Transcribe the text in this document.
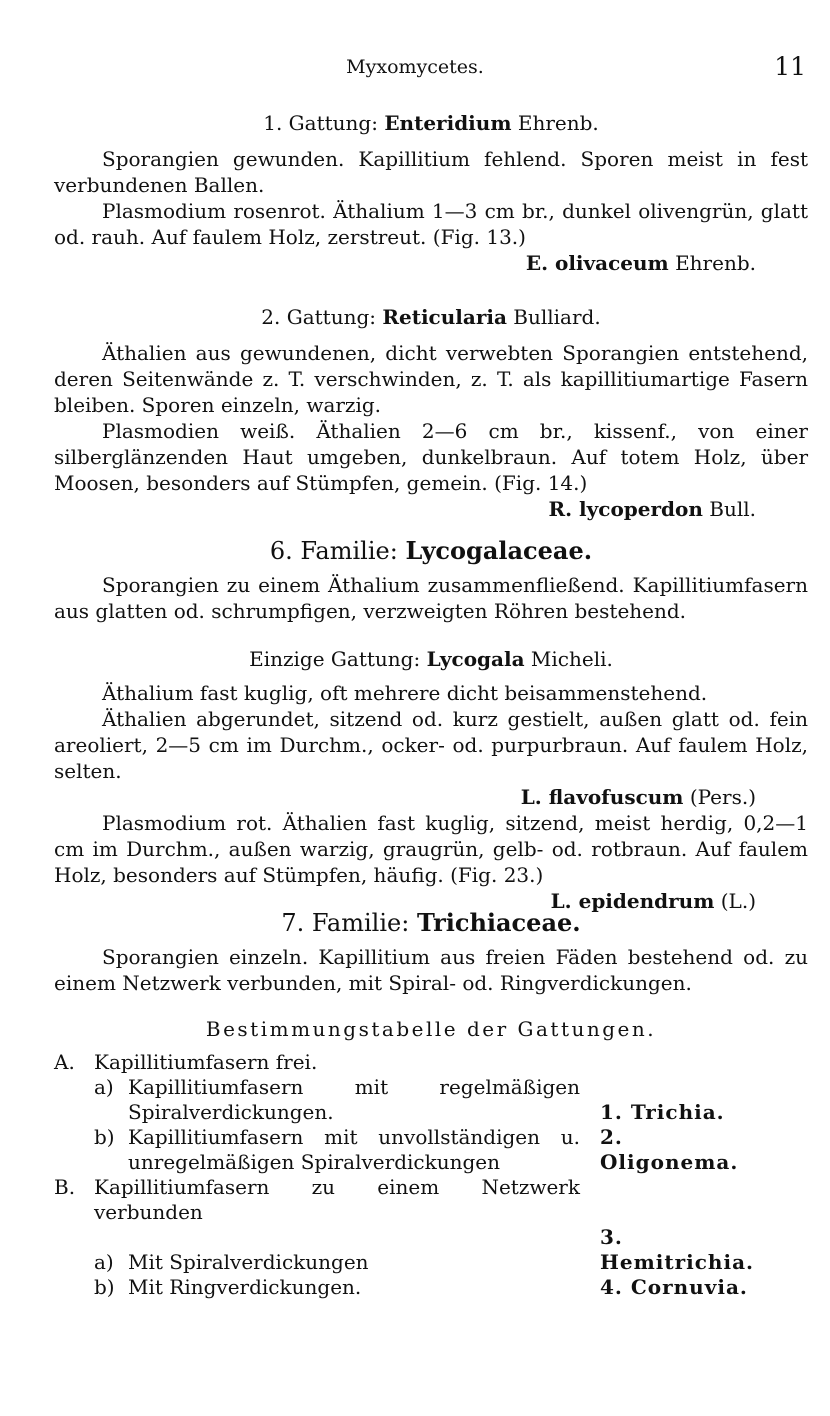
Myxomycetes.	11

1. Gattung: Enteridium Ehrenb.

Sporangien gewunden. Kapillitium fehlend. Sporen meist in fest verbundenen Ballen.

Plasmodium rosenrot. Äthalium 1—3 cm br., dunkel olivengrün, glatt od. rauh. Auf faulem Holz, zerstreut. (Fig. 13.)

E. olivaceum Ehrenb.

2. Gattung: Reticularia Bulliard.

Äthalien aus gewundenen, dicht verwebten Sporangien entstehend, deren Seitenwände z. T. verschwinden, z. T. als kapillitiumartige Fasern bleiben. Sporen einzeln, warzig.

Plasmodien weiß. Äthalien 2—6 cm br., kissenf., von einer silberglänzenden Haut umgeben, dunkelbraun. Auf totem Holz, über Moosen, besonders auf Stümpfen, gemein. (Fig. 14.)

R. lycoperdon Bull.

6. Familie: Lycogalaceae.

Sporangien zu einem Äthalium zusammenfließend. Kapillitiumfasern aus glatten od. schrumpfigen, verzweigten Röhren bestehend.

Einzige Gattung: Lycogala Micheli.

Äthalium fast kuglig, oft mehrere dicht beisammenstehend.

Äthalien abgerundet, sitzend od. kurz gestielt, außen glatt od. fein areoliert, 2—5 cm im Durchm., ocker- od. purpurbraun. Auf faulem Holz, selten.

L. flavofuscum (Pers.)

Plasmodium rot. Äthalien fast kuglig, sitzend, meist herdig, 0,2—1 cm im Durchm., außen warzig, graugrün, gelb- od. rotbraun. Auf faulem Holz, besonders auf Stümpfen, häufig. (Fig. 23.)

L. epidendrum (L.)

7. Familie: Trichiaceae.

Sporangien einzeln. Kapillitium aus freien Fäden bestehend od. zu einem Netzwerk verbunden, mit Spiral- od. Ringverdickungen.

Bestimmungstabelle der Gattungen.

A.	Kapillitiumfasern frei.		
	a)	Kapillitiumfasern mit regelmäßigen Spiralverdickungen.	1. Trichia.
	b)	Kapillitiumfasern mit unvollständigen u. unregelmäßigen Spiralverdickungen	2. Oligonema.
B.	Kapillitiumfasern zu einem Netzwerk verbunden		
	a)	Mit Spiralverdickungen	3. Hemitrichia.
	b)	Mit Ringverdickungen.	4. Cornuvia.
